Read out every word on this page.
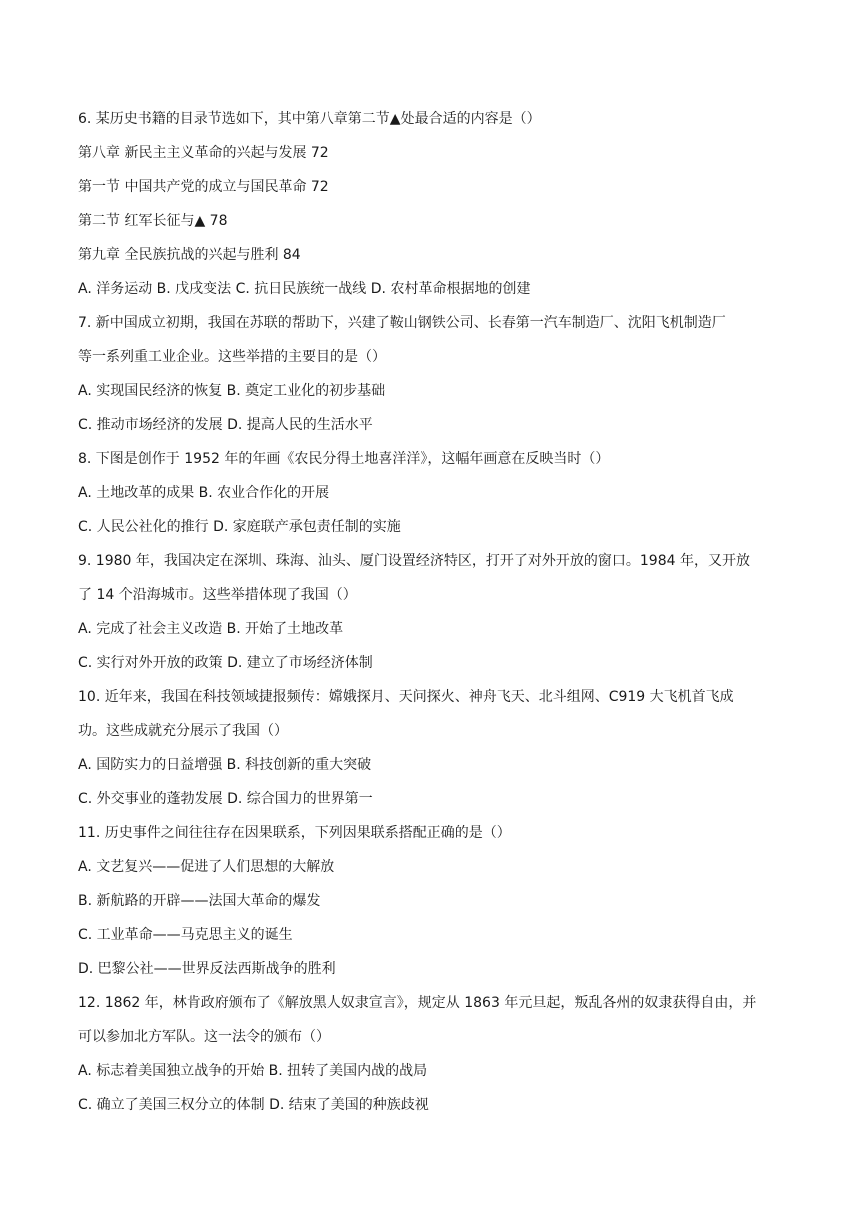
6. 某历史书籍的目录节选如下，其中第八章第二节▲处最合适的内容是（）
第八章 新民主主义革命的兴起与发展 72
第一节 中国共产党的成立与国民革命 72
第二节 红军长征与▲ 78
第九章 全民族抗战的兴起与胜利 84
A. 洋务运动 B. 戊戌变法 C. 抗日民族统一战线 D. 农村革命根据地的创建
7. 新中国成立初期，我国在苏联的帮助下，兴建了鞍山钢铁公司、长春第一汽车制造厂、沈阳飞机制造厂
等一系列重工业企业。这些举措的主要目的是（）
A. 实现国民经济的恢复 B. 奠定工业化的初步基础
C. 推动市场经济的发展 D. 提高人民的生活水平
8. 下图是创作于 1952 年的年画《农民分得土地喜洋洋》，这幅年画意在反映当时（）
A. 土地改革的成果 B. 农业合作化的开展
C. 人民公社化的推行 D. 家庭联产承包责任制的实施
9. 1980 年，我国决定在深圳、珠海、汕头、厦门设置经济特区，打开了对外开放的窗口。1984 年，又开放
了 14 个沿海城市。这些举措体现了我国（）
A. 完成了社会主义改造 B. 开始了土地改革
C. 实行对外开放的政策 D. 建立了市场经济体制
10. 近年来，我国在科技领域捷报频传：嫦娥探月、天问探火、神舟飞天、北斗组网、C919 大飞机首飞成
功。这些成就充分展示了我国（）
A. 国防实力的日益增强 B. 科技创新的重大突破
C. 外交事业的蓬勃发展 D. 综合国力的世界第一
11. 历史事件之间往往存在因果联系，下列因果联系搭配正确的是（）
A. 文艺复兴——促进了人们思想的大解放
B. 新航路的开辟——法国大革命的爆发
C. 工业革命——马克思主义的诞生
D. 巴黎公社——世界反法西斯战争的胜利
12. 1862 年，林肯政府颁布了《解放黑人奴隶宣言》，规定从 1863 年元旦起，叛乱各州的奴隶获得自由，并
可以参加北方军队。这一法令的颁布（）
A. 标志着美国独立战争的开始 B. 扭转了美国内战的战局
C. 确立了美国三权分立的体制 D. 结束了美国的种族歧视
